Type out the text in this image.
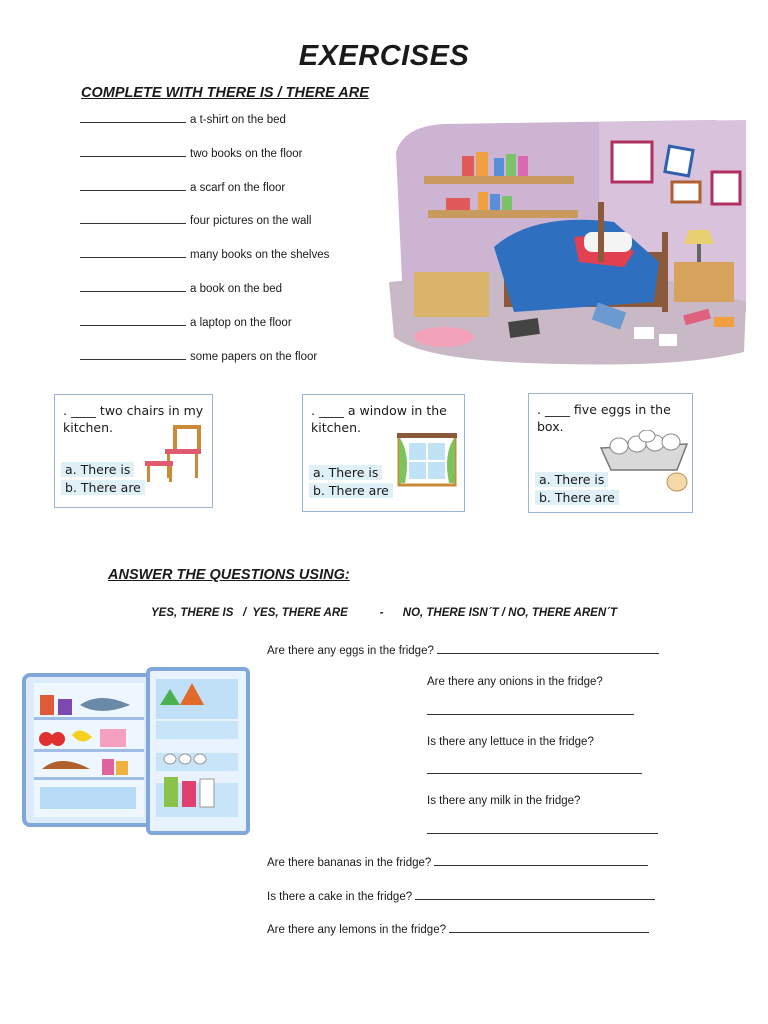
EXERCISES
COMPLETE WITH THERE IS / THERE ARE
a t-shirt on the bed
two books on the floor
a scarf on the floor
four pictures on the wall
many books on the shelves
a book on the bed
a laptop on the floor
some papers on the floor
. ____ two chairs in my kitchen.
a. There is
b. There are
. ____ a window in the kitchen.
a. There is
b. There are
. ____ five eggs in the box.
a. There is
b. There are
ANSWER THE QUESTIONS USING:
YES, THERE IS   /  YES, THERE ARE          -      NO, THERE ISN´T / NO, THERE AREN´T
Are there any eggs in the fridge?
Are there any onions in the fridge?
Is there any lettuce in the fridge?
Is there any milk in the fridge?
Are there bananas in the fridge?
Is there a cake in the fridge?
Are there any lemons in the fridge?
